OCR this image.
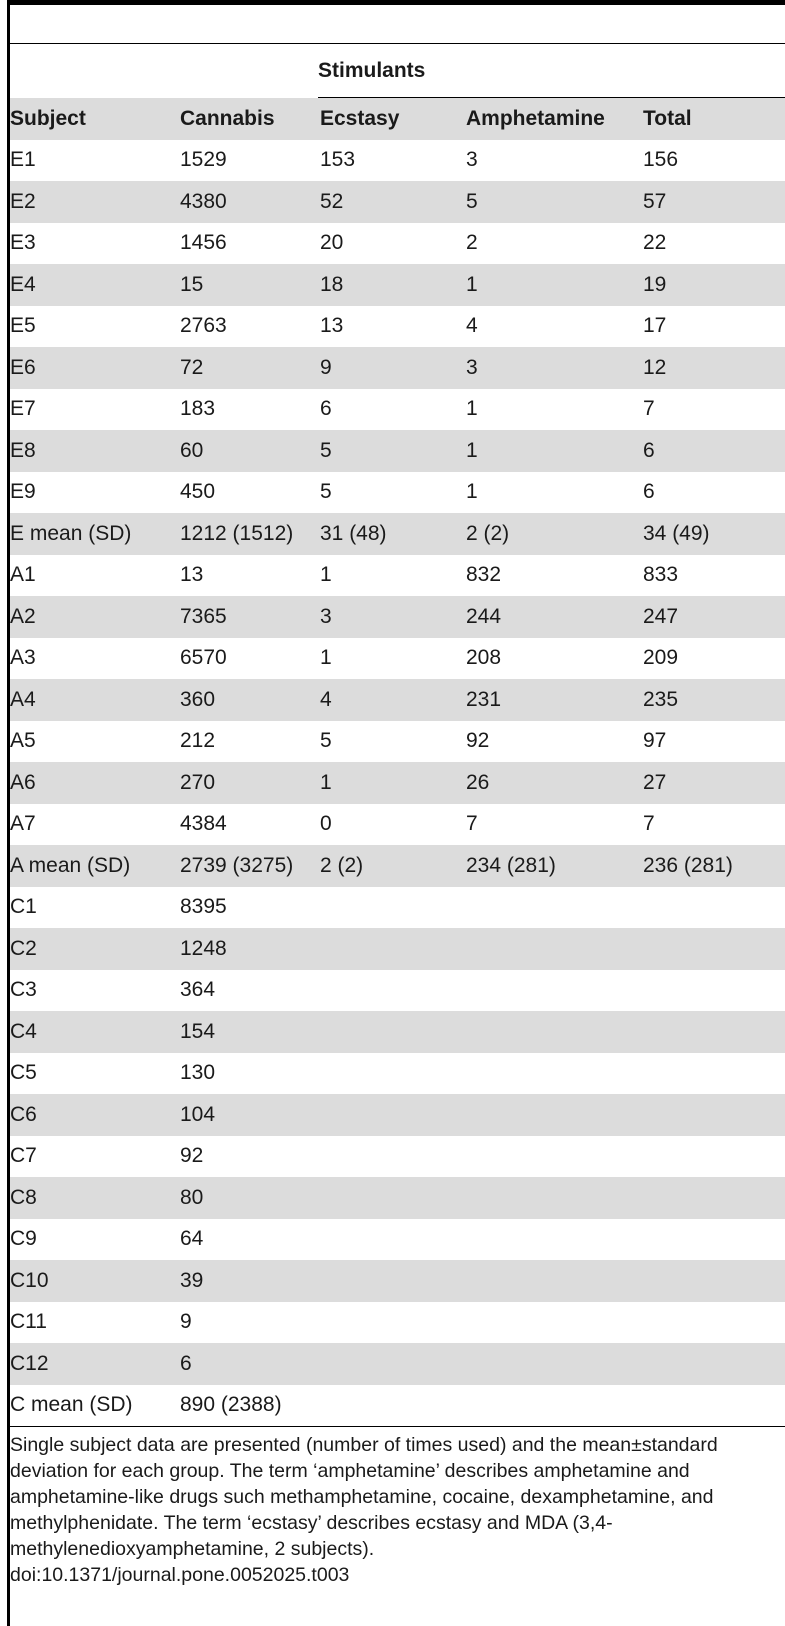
Stimulants
Subject	Cannabis	Ecstasy	Amphetamine	Total
E1	1529	153	3	156
E2	4380	52	5	57
E3	1456	20	2	22
E4	15	18	1	19
E5	2763	13	4	17
E6	72	9	3	12
E7	183	6	1	7
E8	60	5	1	6
E9	450	5	1	6
E mean (SD)	1212 (1512)	31 (48)	2 (2)	34 (49)
A1	13	1	832	833
A2	7365	3	244	247
A3	6570	1	208	209
A4	360	4	231	235
A5	212	5	92	97
A6	270	1	26	27
A7	4384	0	7	7
A mean (SD)	2739 (3275)	2 (2)	234 (281)	236 (281)
C1	8395			
C2	1248			
C3	364			
C4	154			
C5	130			
C6	104			
C7	92			
C8	80			
C9	64			
C10	39			
C11	9			
C12	6			
C mean (SD)	890 (2388)			

Single subject data are presented (number of times used) and the mean±standard deviation for each group. The term ‘amphetamine’ describes amphetamine and amphetamine-like drugs such methamphetamine, cocaine, dexamphetamine, and methylphenidate. The term ‘ecstasy’ describes ecstasy and MDA (3,4-methylenedioxyamphetamine, 2 subjects).

doi:10.1371/journal.pone.0052025.t003
